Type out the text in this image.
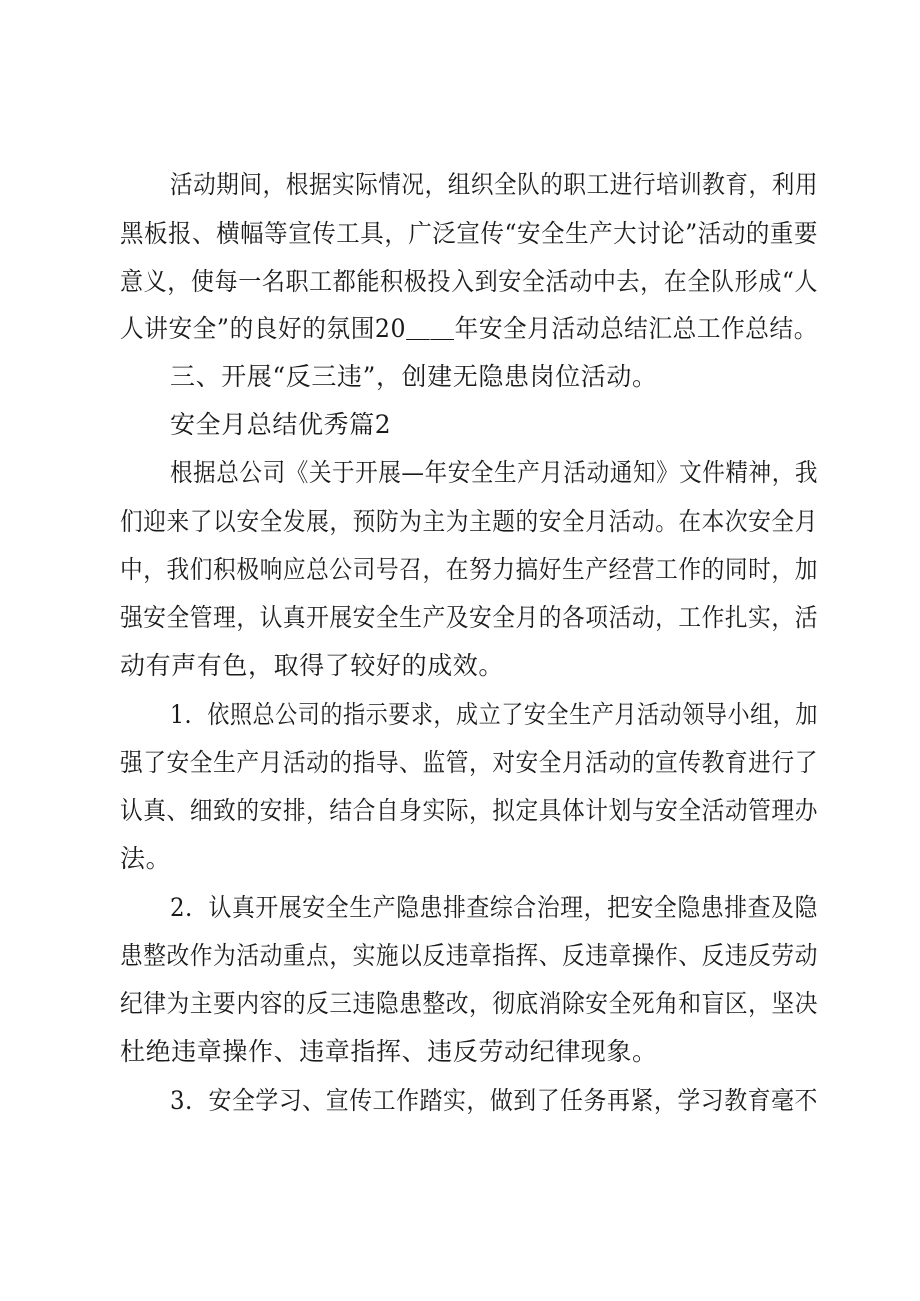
活动期间，根据实际情况，组织全队的职工进行培训教育，利用
黑板报、横幅等宣传工具，广泛宣传“安全生产大讨论”活动的重要
意义，使每一名职工都能积极投入到安全活动中去，在全队形成“人
人讲安全”的良好的氛围20＿＿年安全月活动总结汇总工作总结。
三、开展“反三违”，创建无隐患岗位活动。
安全月总结优秀篇2
根据总公司《关于开展—年安全生产月活动通知》文件精神，我
们迎来了以安全发展，预防为主为主题的安全月活动。在本次安全月
中，我们积极响应总公司号召，在努力搞好生产经营工作的同时，加
强安全管理，认真开展安全生产及安全月的各项活动，工作扎实，活
动有声有色，取得了较好的成效。
1．依照总公司的指示要求，成立了安全生产月活动领导小组，加
强了安全生产月活动的指导、监管，对安全月活动的宣传教育进行了
认真、细致的安排，结合自身实际，拟定具体计划与安全活动管理办
法。
2．认真开展安全生产隐患排查综合治理，把安全隐患排查及隐
患整改作为活动重点，实施以反违章指挥、反违章操作、反违反劳动
纪律为主要内容的反三违隐患整改，彻底消除安全死角和盲区，坚决
杜绝违章操作、违章指挥、违反劳动纪律现象。
3．安全学习、宣传工作踏实，做到了任务再紧，学习教育毫不
